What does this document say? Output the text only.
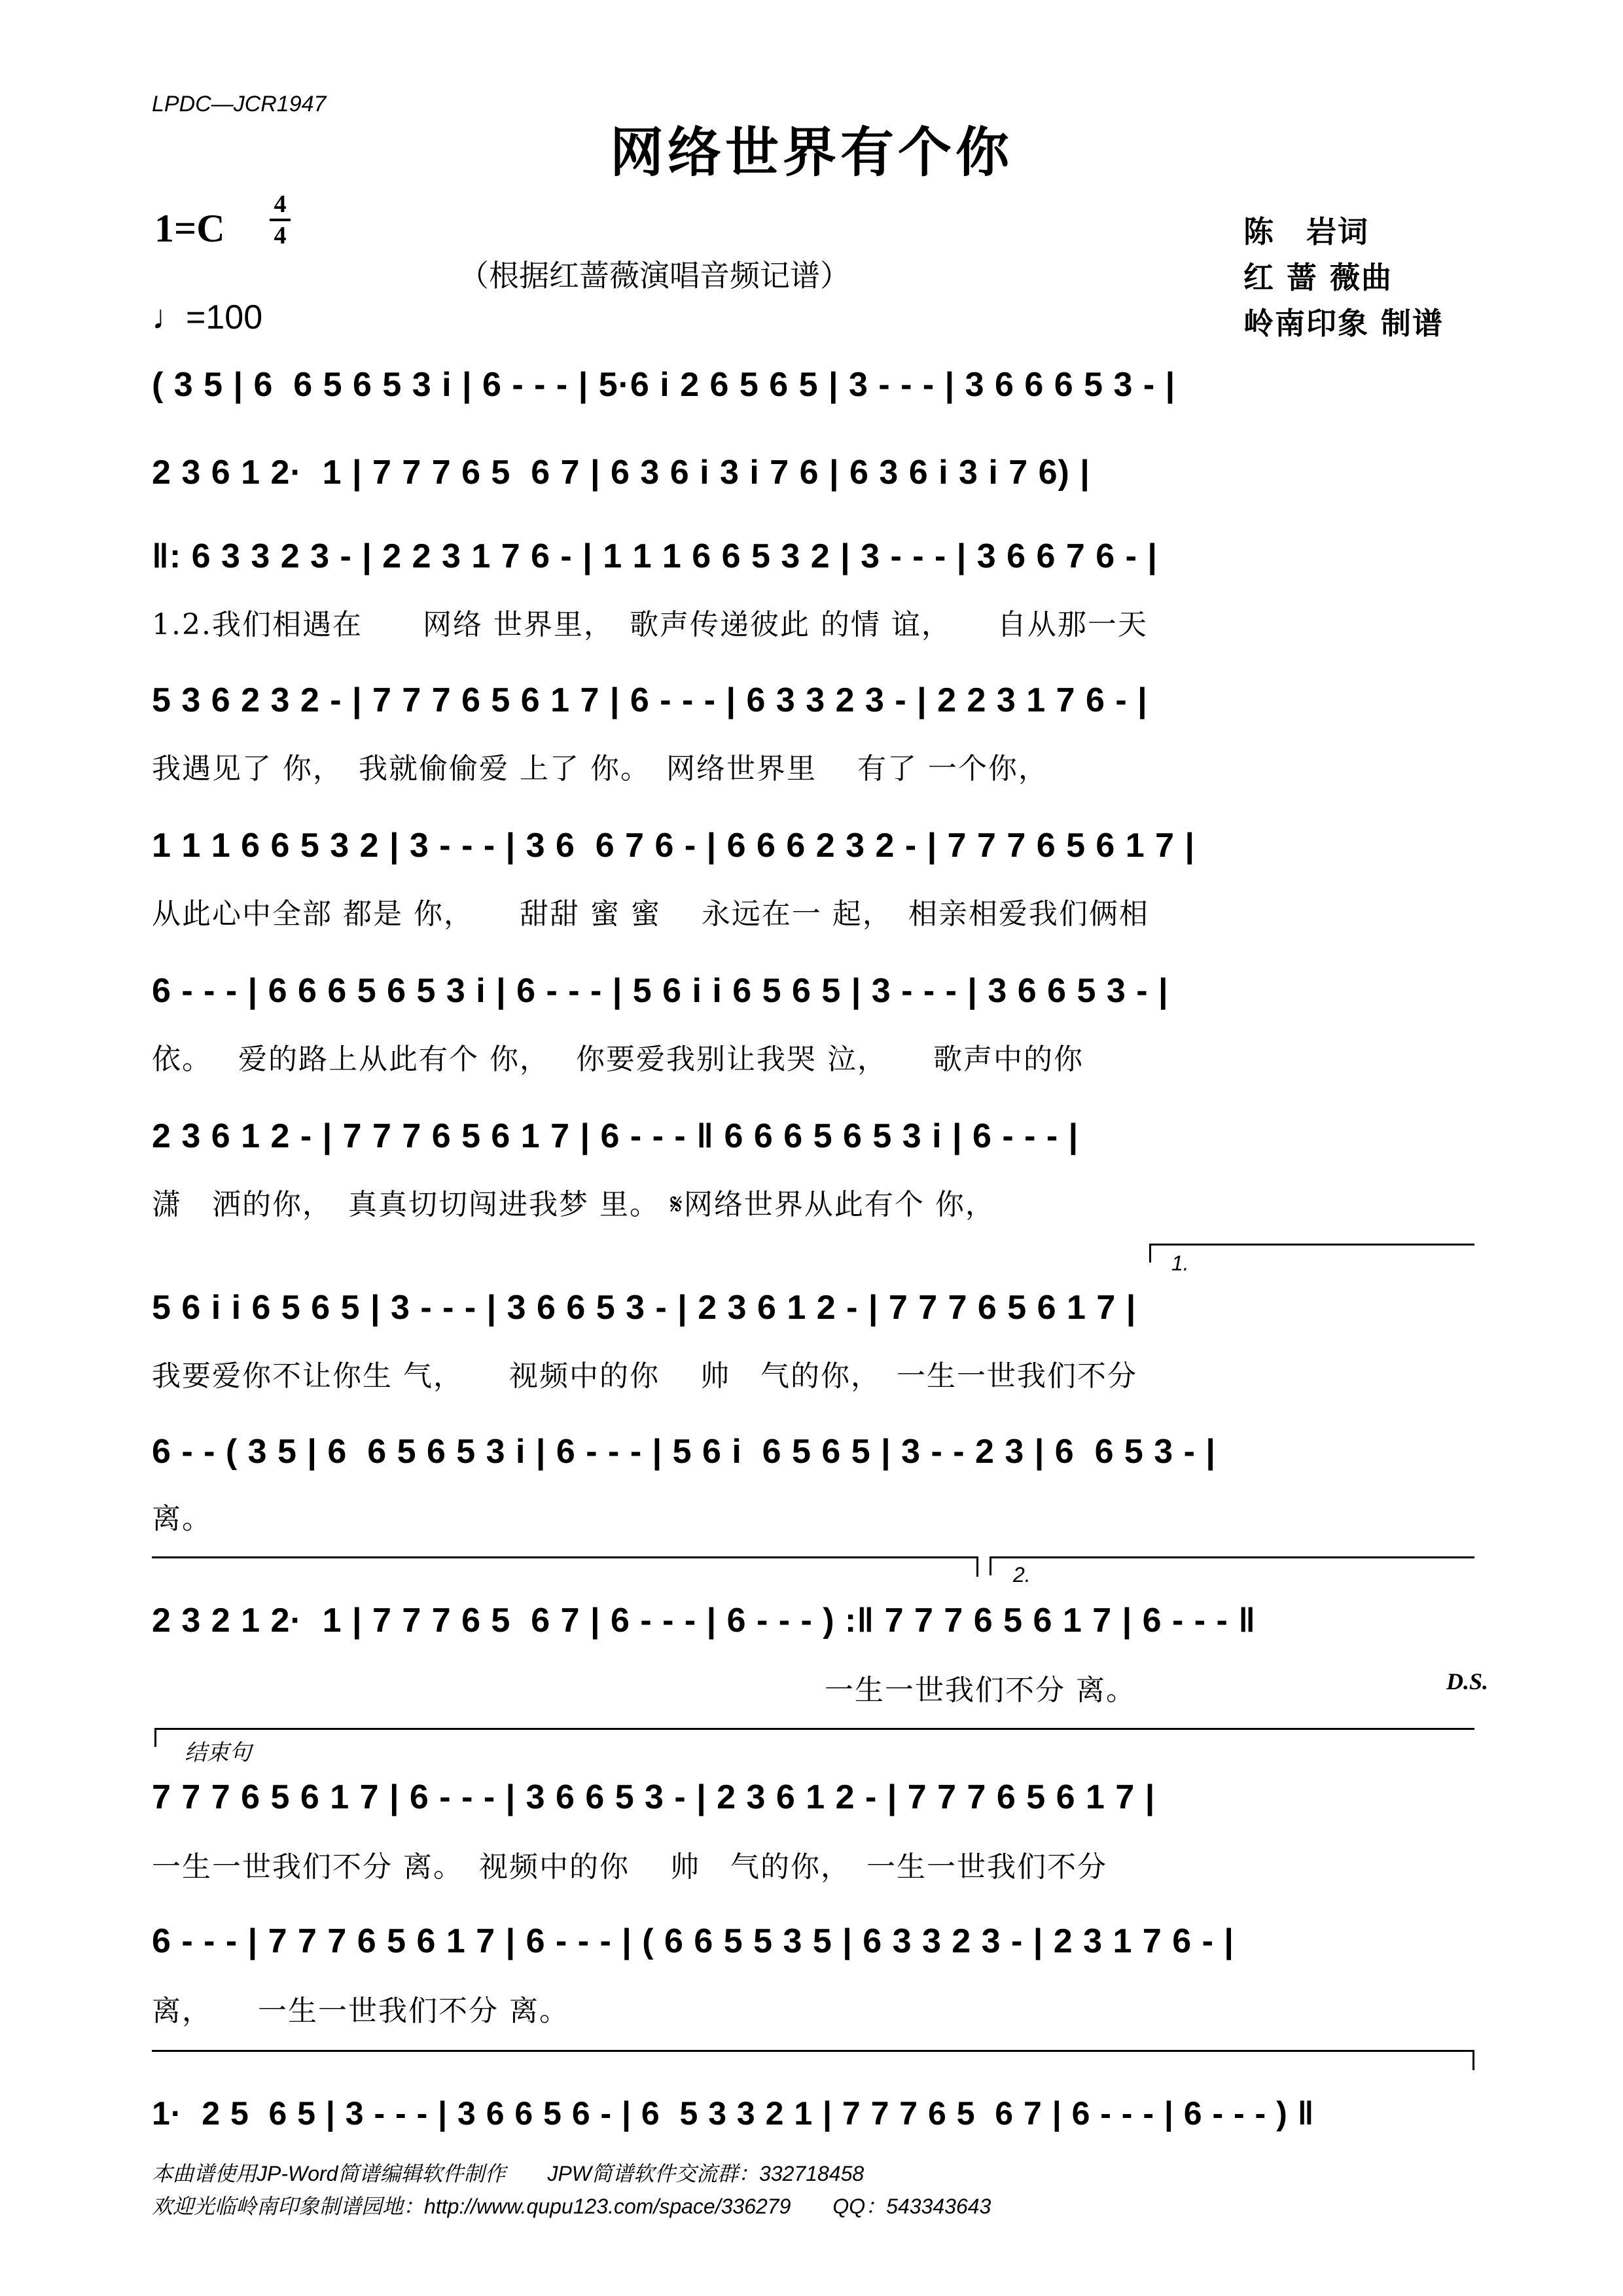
LPDC—JCR1947
网络世界有个你
1=C
4
4
♩=100
（根据红蔷薇演唱音频记谱）
陈　岩词
红 蔷 薇曲
岭南印象 制谱
( 3 5 | 6  6 5 6 5 3 i | 6 - - - | 5·6 i 2 6 5 6 5 | 3 - - - | 3 6 6 6 5 3 - |
2 3 6 1 2·  1 | 7 7 7 6 5  6 7 | 6 3 6 i 3 i 7 6 | 6 3 6 i 3 i 7 6) |
‖: 6 3 3 2 3 - | 2 2 3 1 7 6 - | 1 1 1 6 6 5 3 2 | 3 - - - | 3 6 6 7 6 - |
1.2.我们相遇在　　网络 世界里，　歌声传递彼此 的情 谊，　　自从那一天
5 3 6 2 3 2 - | 7 7 7 6 5 6 1 7 | 6 - - - | 6 3 3 2 3 - | 2 2 3 1 7 6 - |
我遇见了 你，　我就偷偷爱 上了 你。　网络世界里　 有了 一个你，
1 1 1 6 6 5 3 2 | 3 - - - | 3 6  6 7 6 - | 6 6 6 2 3 2 - | 7 7 7 6 5 6 1 7 |
从此心中全部 都是 你，　　甜甜 蜜 蜜　 永远在一 起，　相亲相爱我们俩相
6 - - - | 6 6 6 5 6 5 3 i | 6 - - - | 5 6 i i 6 5 6 5 | 3 - - - | 3 6 6 5 3 - |
依。　 爱的路上从此有个 你，　 你要爱我别让我哭 泣，　　歌声中的你
2 3 6 1 2 - | 7 7 7 6 5 6 1 7 | 6 - - - ‖ 6 6 6 5 6 5 3 i | 6 - - - |
潇　洒的你，　真真切切闯进我梦 里。 𝄋网络世界从此有个 你，
1.
5 6 i i 6 5 6 5 | 3 - - - | 3 6 6 5 3 - | 2 3 6 1 2 - | 7 7 7 6 5 6 1 7 |
我要爱你不让你生 气，　　视频中的你　 帅　气的你，　一生一世我们不分
6 - - ( 3 5 | 6  6 5 6 5 3 i | 6 - - - | 5 6 i  6 5 6 5 | 3 - - 2 3 | 6  6 5 3 - |
离。
2.
2 3 2 1 2·  1 | 7 7 7 6 5  6 7 | 6 - - - | 6 - - - ) :‖ 7 7 7 6 5 6 1 7 | 6 - - - ‖
　　　　　　　　　　　　　　　　　　　　　　 一生一世我们不分 离。	D.S.
结束句
7 7 7 6 5 6 1 7 | 6 - - - | 3 6 6 5 3 - | 2 3 6 1 2 - | 7 7 7 6 5 6 1 7 |
一生一世我们不分 离。　视频中的你　 帅　气的你，　一生一世我们不分
6 - - - | 7 7 7 6 5 6 1 7 | 6 - - - | ( 6 6 5 5 3 5 | 6 3 3 2 3 - | 2 3 1 7 6 - |
离，　　一生一世我们不分 离。
1·  2 5  6 5 | 3 - - - | 3 6 6 5 6 - | 6  5 3 3 2 1 | 7 7 7 6 5  6 7 | 6 - - - | 6 - - - ) ‖
本曲谱使用JP-Word简谱编辑软件制作　　JPW简谱软件交流群：332718458
欢迎光临岭南印象制谱园地：http://www.qupu123.com/space/336279　　QQ：543343643
